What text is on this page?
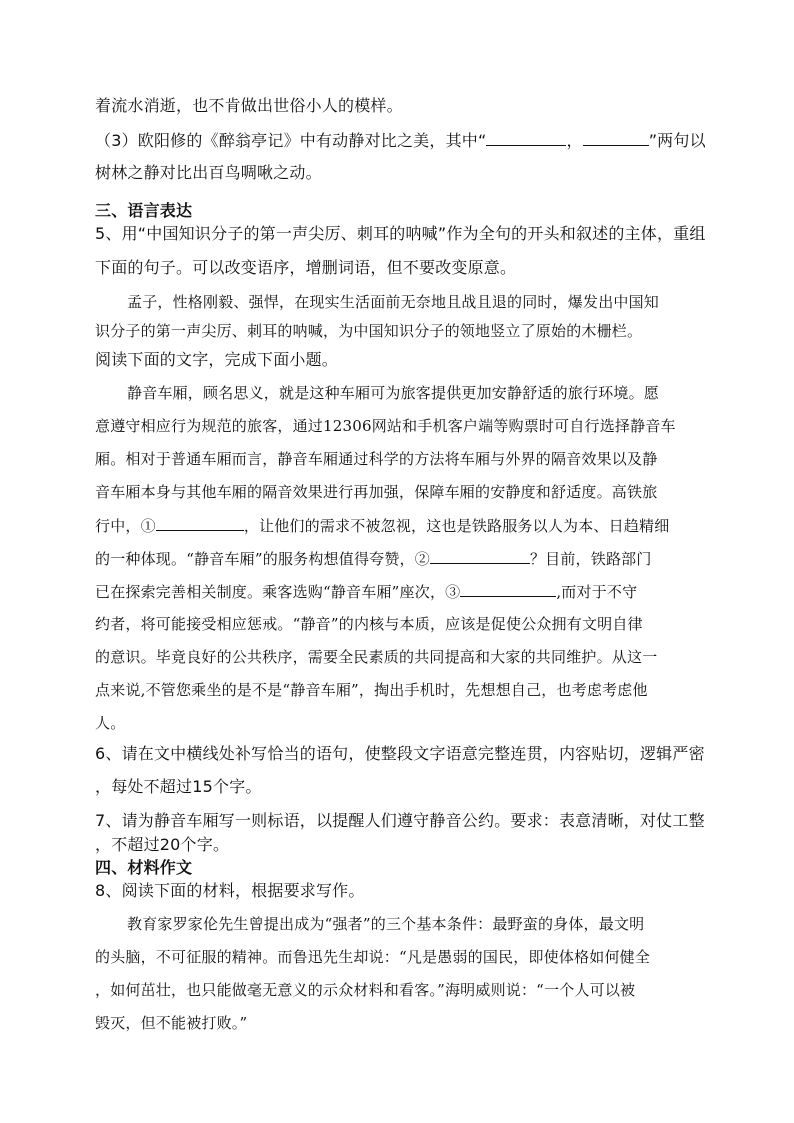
着流水消逝，也不肯做出世俗小人的模样。
（3）欧阳修的《醉翁亭记》中有动静对比之美，其中“	，	”两句以
树林之静对比出百鸟啁啾之动。
三、语言表达
5、用“中国知识分子的第一声尖厉、刺耳的呐喊”作为全句的开头和叙述的主体，重组
下面的句子。可以改变语序，增删词语，但不要改变原意。
孟子，性格刚毅、强悍，在现实生活面前无奈地且战且退的同时，爆发出中国知
识分子的第一声尖厉、刺耳的呐喊，为中国知识分子的领地竖立了原始的木栅栏。
阅读下面的文字，完成下面小题。
静音车厢，顾名思义，就是这种车厢可为旅客提供更加安静舒适的旅行环境。愿
意遵守相应行为规范的旅客，通过12306网站和手机客户端等购票时可自行选择静音车
厢。相对于普通车厢而言，静音车厢通过科学的方法将车厢与外界的隔音效果以及静
音车厢本身与其他车厢的隔音效果进行再加强，保障车厢的安静度和舒适度。高铁旅
行中，①	，让他们的需求不被忽视，这也是铁路服务以人为本、日趋精细
的一种体现。“静音车厢”的服务构想值得夸赞，②	？目前，铁路部门
已在探索完善相关制度。乘客选购“静音车厢”座次，③	,而对于不守
约者，将可能接受相应惩戒。“静音”的内核与本质，应该是促使公众拥有文明自律
的意识。毕竟良好的公共秩序，需要全民素质的共同提高和大家的共同维护。从这一
点来说,不管您乘坐的是不是“静音车厢”，掏出手机时，先想想自己，也考虑考虑他
人。
6、请在文中横线处补写恰当的语句，使整段文字语意完整连贯，内容贴切，逻辑严密
，每处不超过15个字。
7、请为静音车厢写一则标语，以提醒人们遵守静音公约。要求：表意清晰，对仗工整
，不超过20个字。
四、材料作文
8、阅读下面的材料，根据要求写作。
教育家罗家伦先生曾提出成为“强者”的三个基本条件：最野蛮的身体，最文明
的头脑，不可征服的精神。而鲁迅先生却说：“凡是愚弱的国民，即使体格如何健全
，如何茁壮，也只能做毫无意义的示众材料和看客。”海明威则说：“一个人可以被
毁灭，但不能被打败。”
